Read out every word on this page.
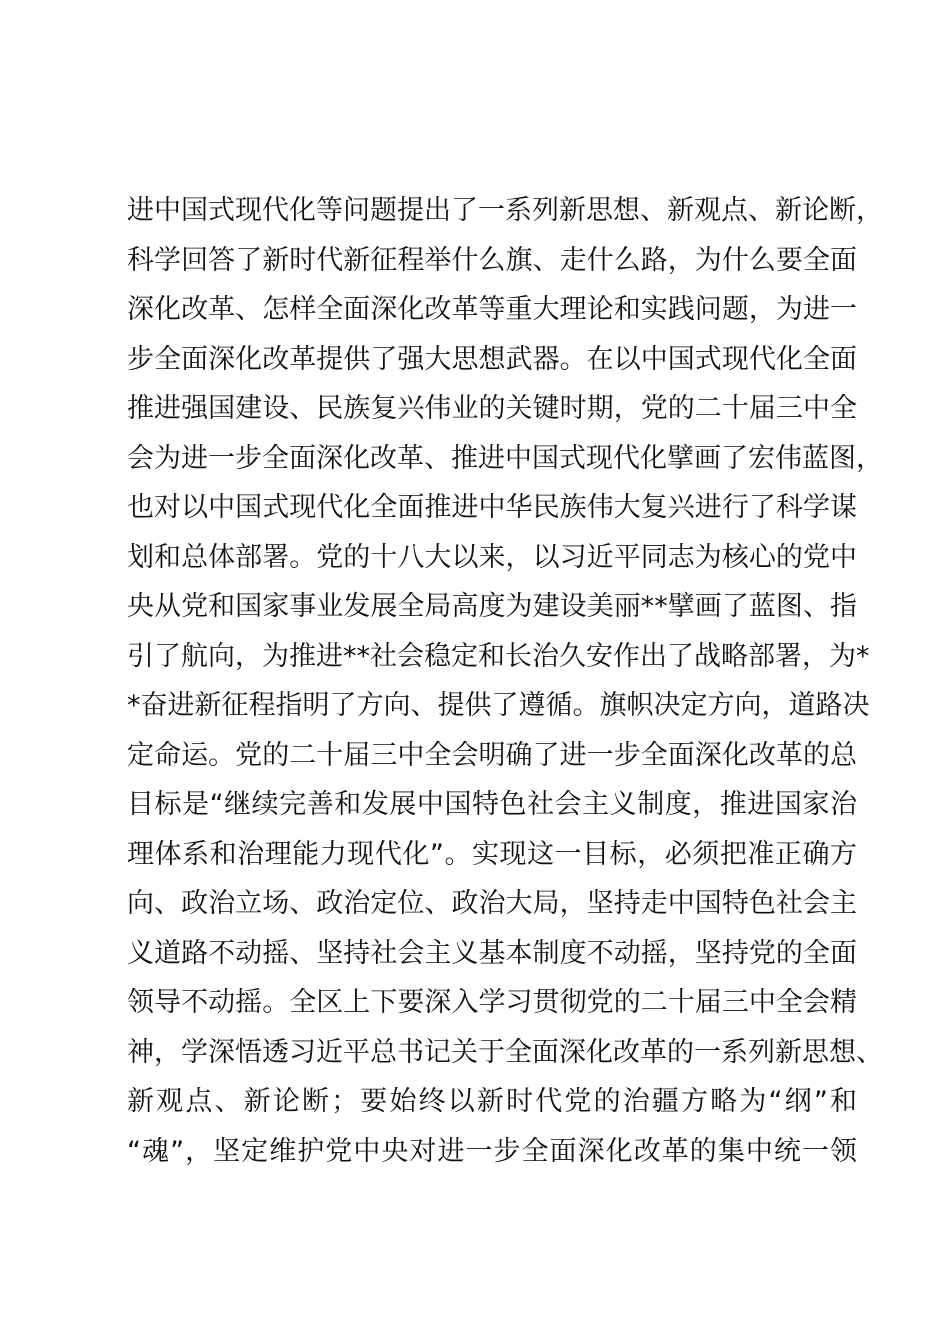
进中国式现代化等问题提出了一系列新思想、新观点、新论断，
科学回答了新时代新征程举什么旗、走什么路，为什么要全面
深化改革、怎样全面深化改革等重大理论和实践问题，为进一
步全面深化改革提供了强大思想武器。在以中国式现代化全面
推进强国建设、民族复兴伟业的关键时期，党的二十届三中全
会为进一步全面深化改革、推进中国式现代化擘画了宏伟蓝图，
也对以中国式现代化全面推进中华民族伟大复兴进行了科学谋
划和总体部署。党的十八大以来，以习近平同志为核心的党中
央从党和国家事业发展全局高度为建设美丽**擘画了蓝图、指
引了航向，为推进**社会稳定和长治久安作出了战略部署，为*
*奋进新征程指明了方向、提供了遵循。旗帜决定方向，道路决
定命运。党的二十届三中全会明确了进一步全面深化改革的总
目标是“继续完善和发展中国特色社会主义制度，推进国家治
理体系和治理能力现代化”。实现这一目标，必须把准正确方
向、政治立场、政治定位、政治大局，坚持走中国特色社会主
义道路不动摇、坚持社会主义基本制度不动摇，坚持党的全面
领导不动摇。全区上下要深入学习贯彻党的二十届三中全会精
神，学深悟透习近平总书记关于全面深化改革的一系列新思想、
新观点、新论断；要始终以新时代党的治疆方略为“纲”和
“魂”，坚定维护党中央对进一步全面深化改革的集中统一领
